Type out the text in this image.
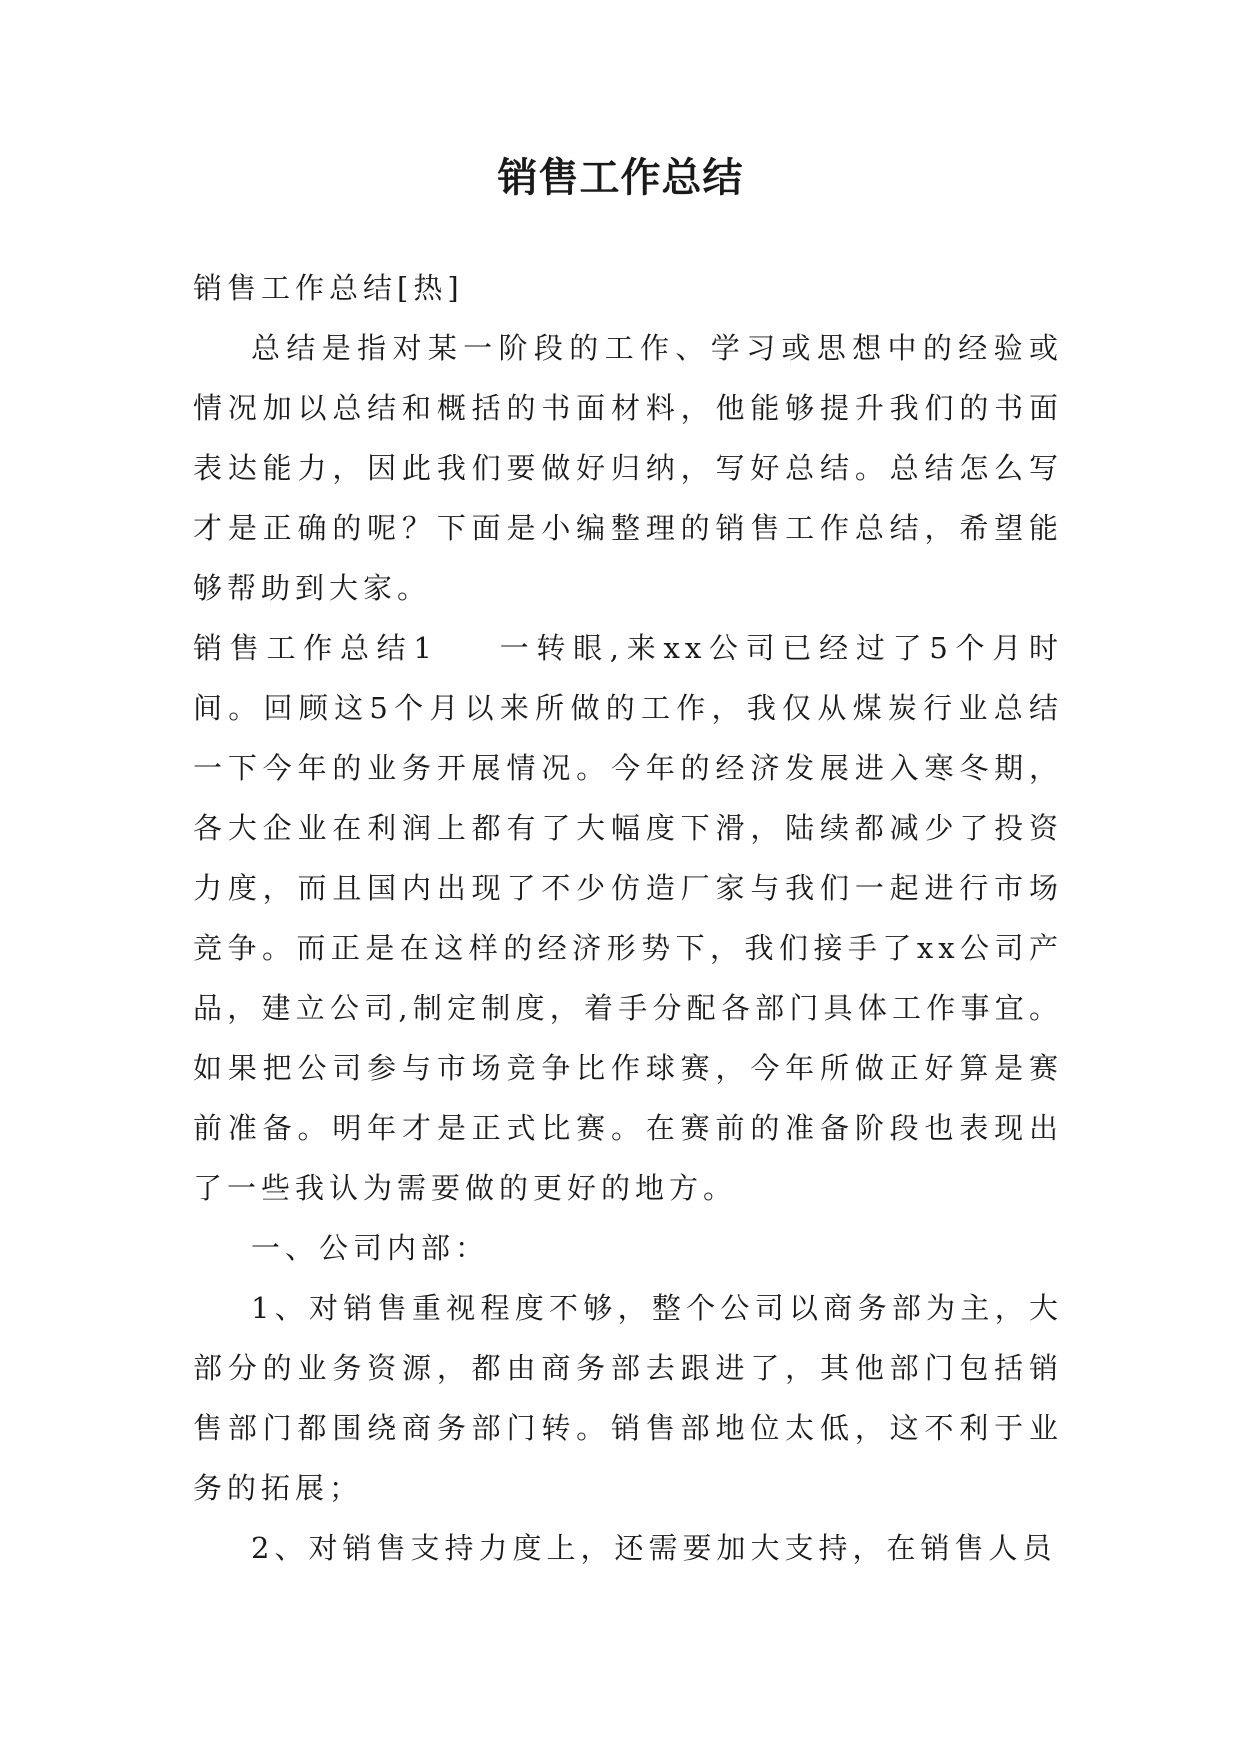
销售工作总结

销售工作总结[热]

总结是指对某一阶段的工作、学习或思想中的经验或情况加以总结和概括的书面材料，他能够提升我们的书面表达能力，因此我们要做好归纳，写好总结。总结怎么写才是正确的呢？下面是小编整理的销售工作总结，希望能够帮助到大家。

销售工作总结1 一转眼,来xx公司已经过了5个月时间。回顾这5个月以来所做的工作，我仅从煤炭行业总结一下今年的业务开展情况。今年的经济发展进入寒冬期，各大企业在利润上都有了大幅度下滑，陆续都减少了投资力度，而且国内出现了不少仿造厂家与我们一起进行市场竞争。而正是在这样的经济形势下，我们接手了xx公司产品，建立公司,制定制度，着手分配各部门具体工作事宜。如果把公司参与市场竞争比作球赛，今年所做正好算是赛前准备。明年才是正式比赛。在赛前的准备阶段也表现出了一些我认为需要做的更好的地方。

一、公司内部：

1、对销售重视程度不够，整个公司以商务部为主，大部分的业务资源，都由商务部去跟进了，其他部门包括销售部门都围绕商务部门转。销售部地位太低，这不利于业务的拓展；

2、对销售支持力度上，还需要加大支持，在销售人员
